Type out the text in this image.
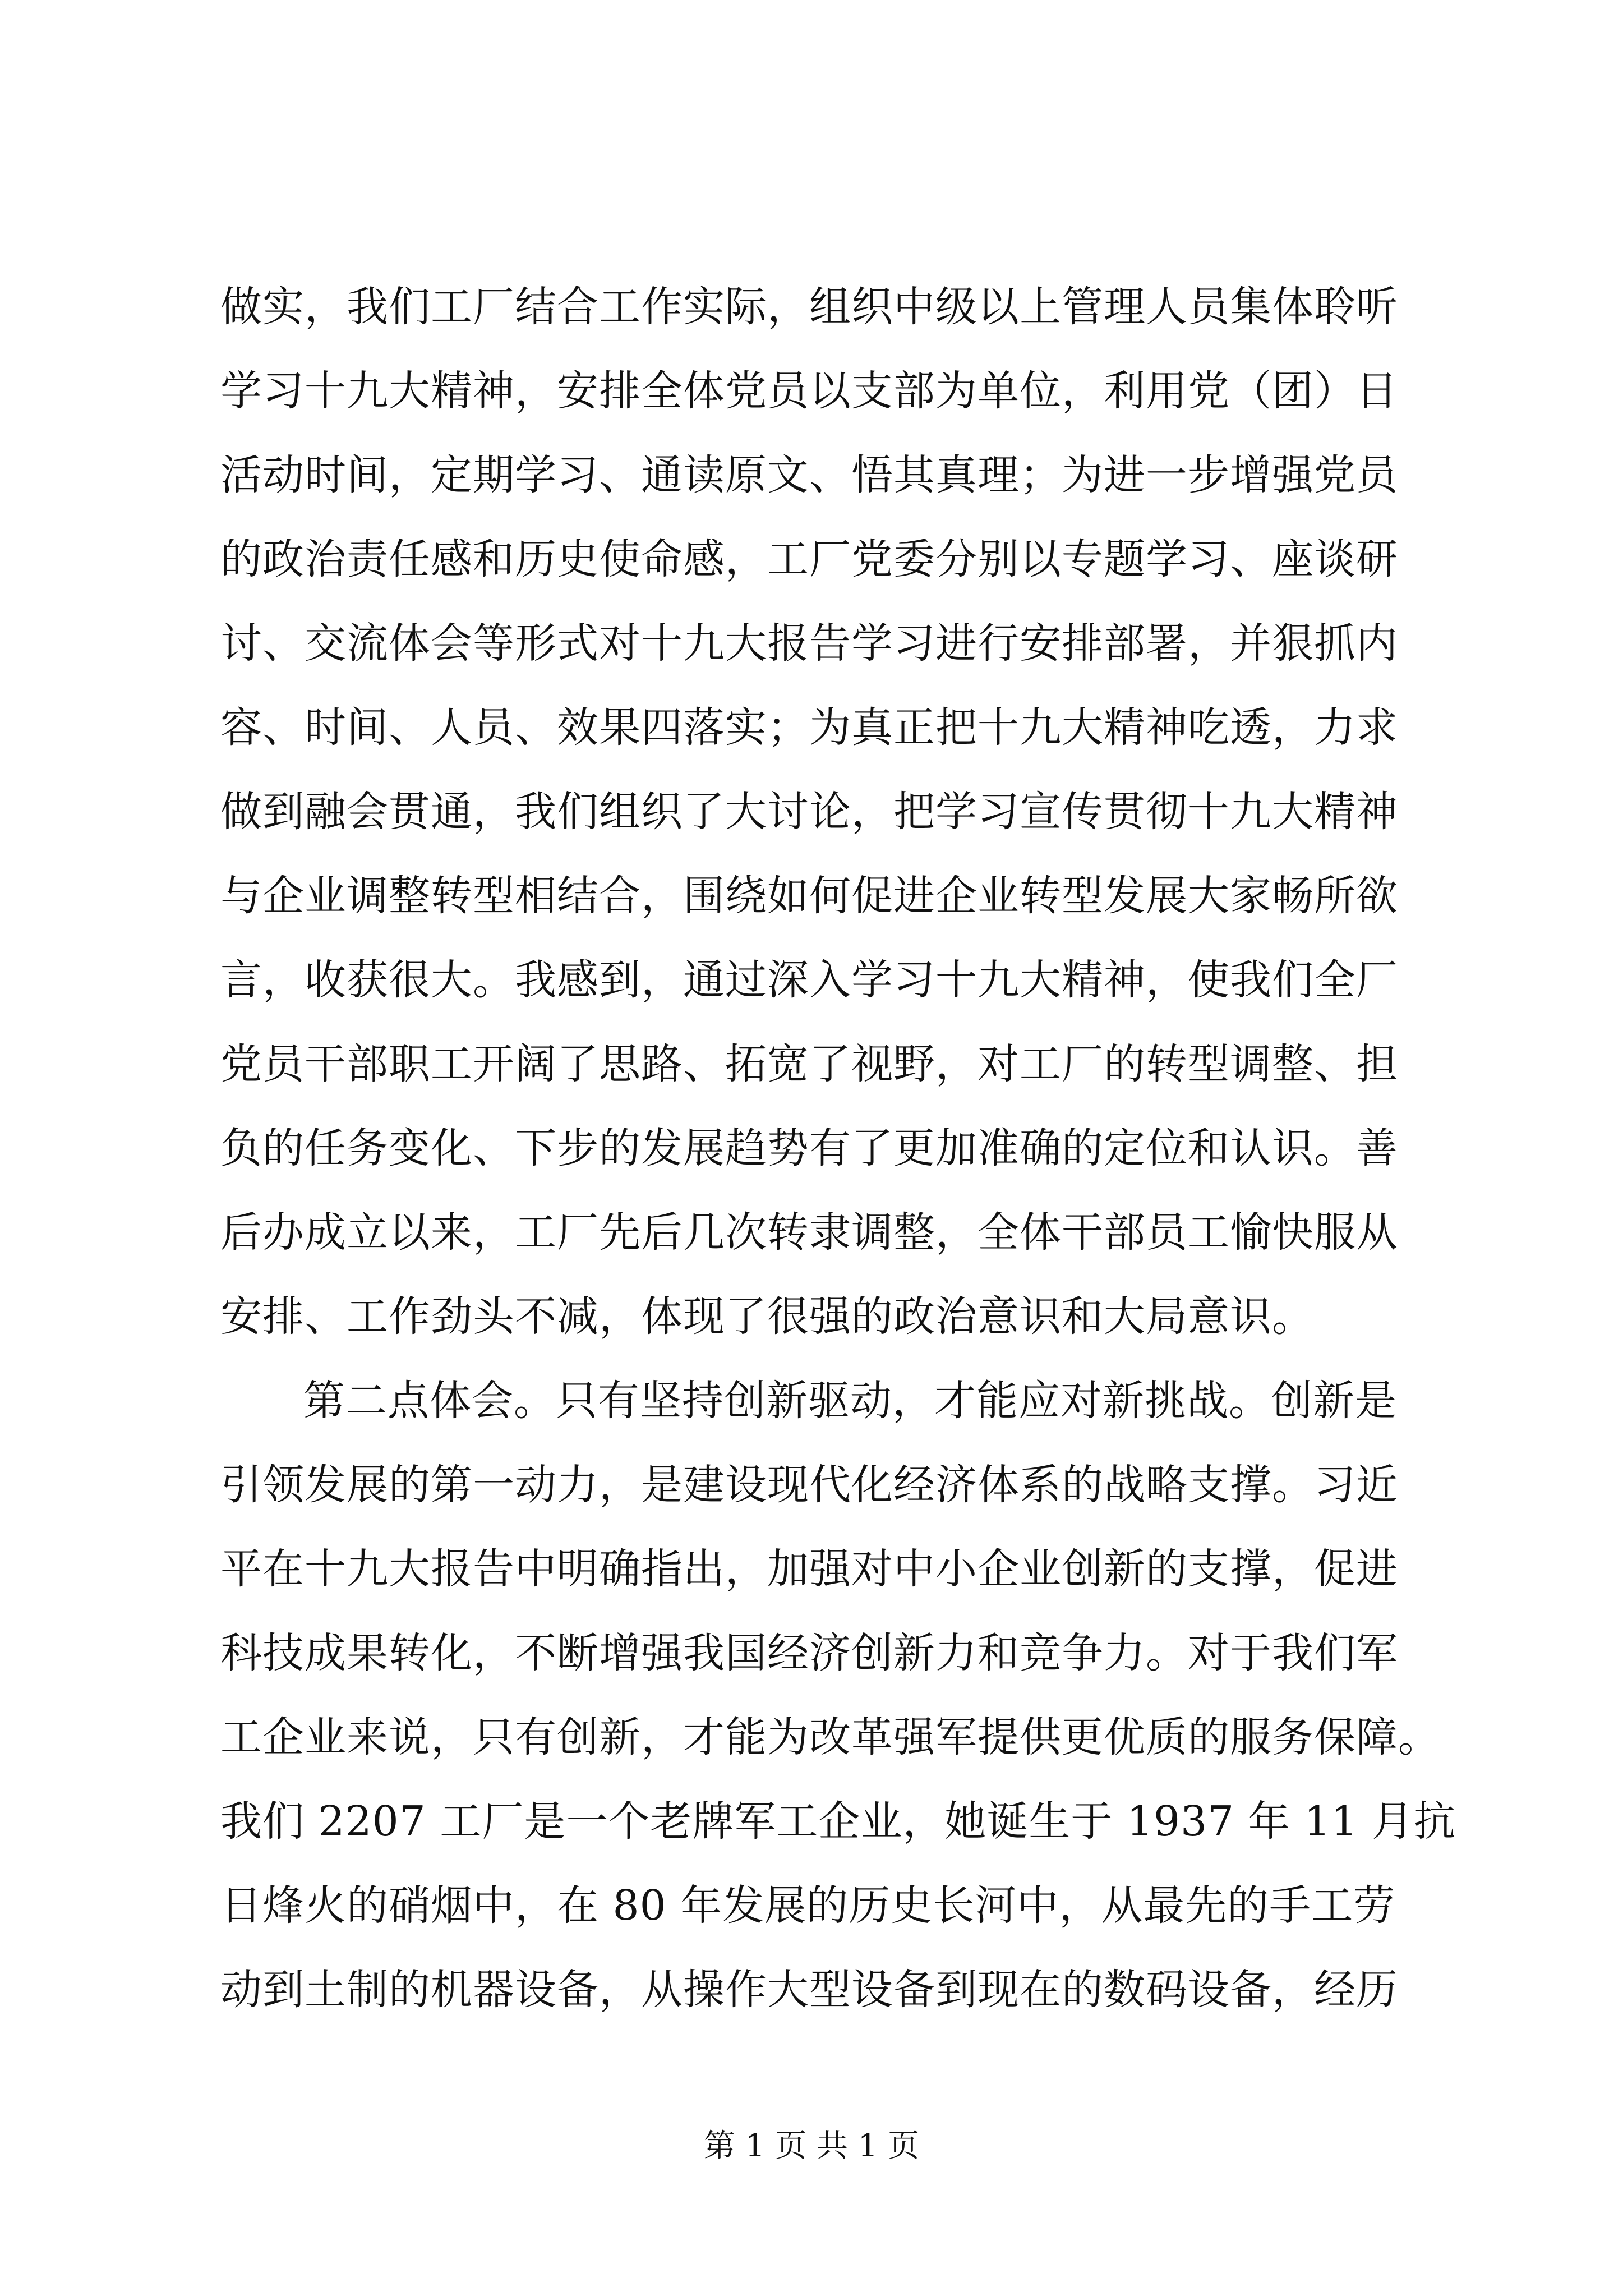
做实，我们工厂结合工作实际，组织中级以上管理人员集体聆听
学习十九大精神，安排全体党员以支部为单位，利用党（团）日
活动时间，定期学习、通读原文、悟其真理；为进一步增强党员
的政治责任感和历史使命感，工厂党委分别以专题学习、座谈研
讨、交流体会等形式对十九大报告学习进行安排部署，并狠抓内
容、时间、人员、效果四落实；为真正把十九大精神吃透，力求
做到融会贯通，我们组织了大讨论，把学习宣传贯彻十九大精神
与企业调整转型相结合，围绕如何促进企业转型发展大家畅所欲
言，收获很大。我感到，通过深入学习十九大精神，使我们全厂
党员干部职工开阔了思路、拓宽了视野，对工厂的转型调整、担
负的任务变化、下步的发展趋势有了更加准确的定位和认识。善
后办成立以来，工厂先后几次转隶调整，全体干部员工愉快服从
安排、工作劲头不减，体现了很强的政治意识和大局意识。
第二点体会。只有坚持创新驱动，才能应对新挑战。创新是
引领发展的第一动力，是建设现代化经济体系的战略支撑。习近
平在十九大报告中明确指出，加强对中小企业创新的支撑，促进
科技成果转化，不断增强我国经济创新力和竞争力。对于我们军
工企业来说，只有创新，才能为改革强军提供更优质的服务保障。
我们 2207 工厂是一个老牌军工企业，她诞生于 1937 年 11 月抗
日烽火的硝烟中，在 80 年发展的历史长河中，从最先的手工劳
动到土制的机器设备，从操作大型设备到现在的数码设备，经历
第 1 页 共 1 页
